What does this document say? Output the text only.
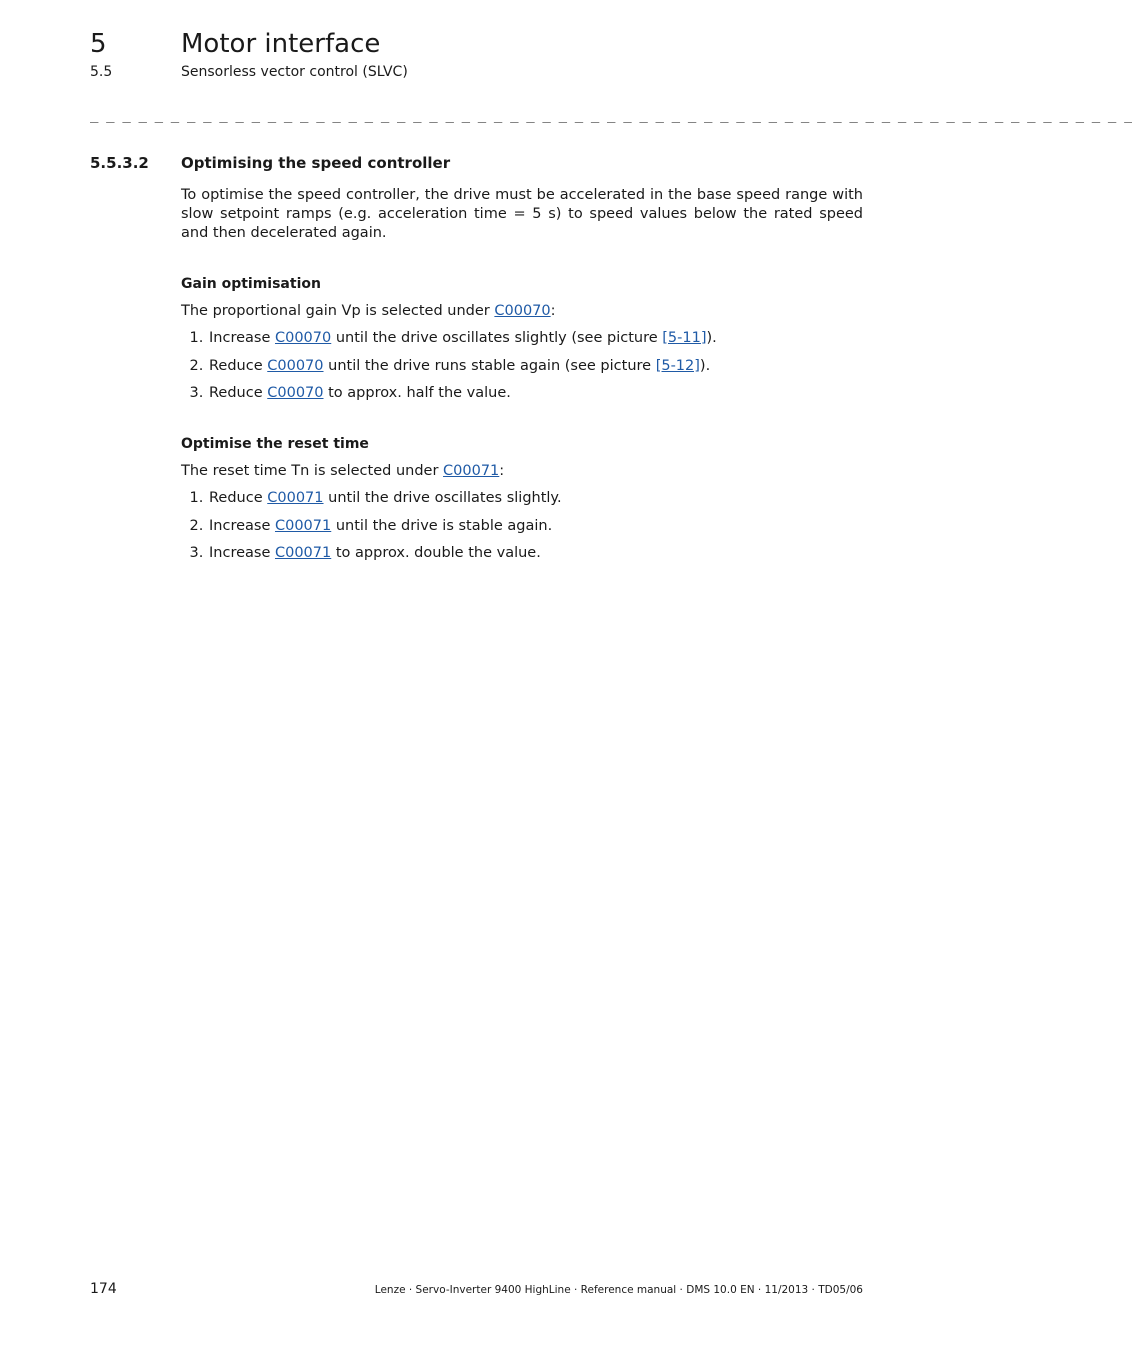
5	Motor interface
5.5	Sensorless vector control (SLVC)
_ _ _ _ _ _ _ _ _ _ _ _ _ _ _ _ _ _ _ _ _ _ _ _ _ _ _ _ _ _ _ _ _ _ _ _ _ _ _ _ _ _ _ _ _ _ _ _ _ _ _ _ _ _ _ _ _ _ _ _ _ _ _ _ _
5.5.3.2 Optimising the speed controller

To optimise the speed controller, the drive must be accelerated in the base speed range with slow setpoint ramps (e.g. acceleration time = 5 s) to speed values below the rated speed and then decelerated again.

Gain optimisation

The proportional gain Vp is selected under C00070:

1. Increase C00070 until the drive oscillates slightly (see picture [5-11]).
2. Reduce C00070 until the drive runs stable again (see picture [5-12]).
3. Reduce C00070 to approx. half the value.
Optimise the reset time

The reset time Tn is selected under C00071:

1. Reduce C00071 until the drive oscillates slightly.
2. Increase C00071 until the drive is stable again.
3. Increase C00071 to approx. double the value.
174	Lenze · Servo-Inverter 9400 HighLine · Reference manual · DMS 10.0 EN · 11/2013 · TD05/06
